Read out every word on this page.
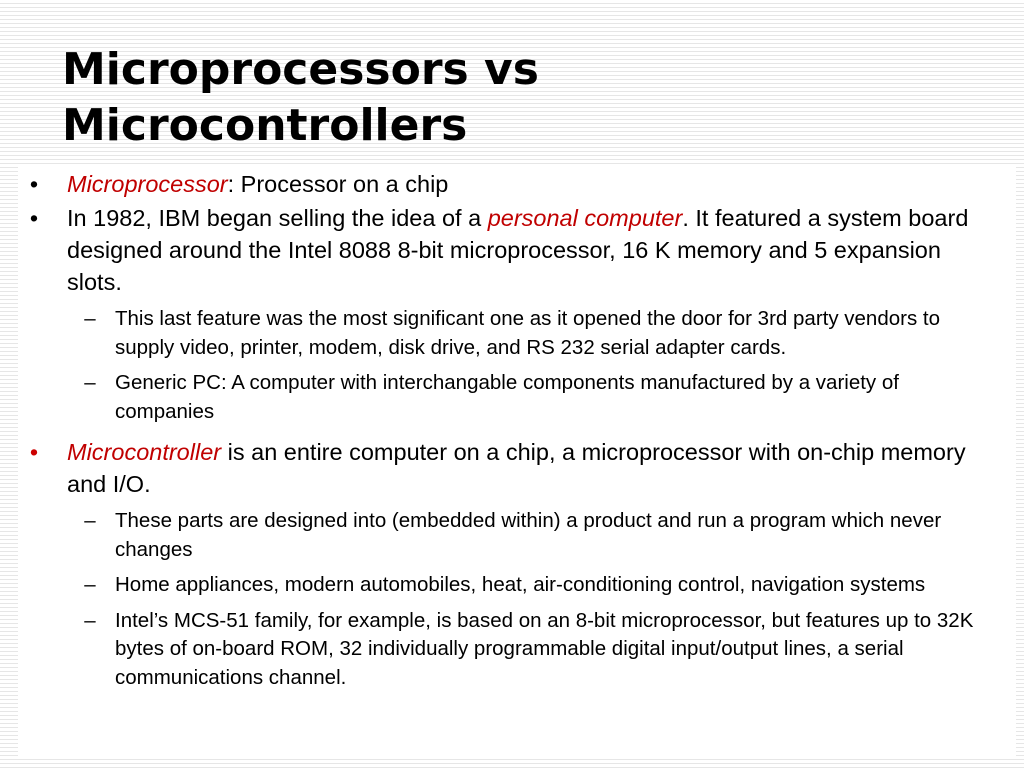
Microprocessors vs
Microcontrollers
• Microprocessor: Processor on a chip
• In 1982, IBM began selling the idea of a personal computer. It featured a system board designed around the Intel 8088 8-bit microprocessor, 16 K memory and 5 expansion slots.
– This last feature was the most significant one as it opened the door for 3rd party vendors to supply video, printer, modem, disk drive, and RS 232 serial adapter cards.
– Generic PC: A computer with interchangable components manufactured by a variety of companies
• Microcontroller is an entire computer on a chip, a microprocessor with on-chip memory and I/O.
– These parts are designed into (embedded within) a product and run a program which never changes
– Home appliances, modern automobiles, heat, air-conditioning control, navigation systems
– Intel’s MCS-51 family, for example, is based on an 8-bit microprocessor, but features up to 32K bytes of on-board ROM, 32 individually programmable digital input/output lines, a serial communications channel.
